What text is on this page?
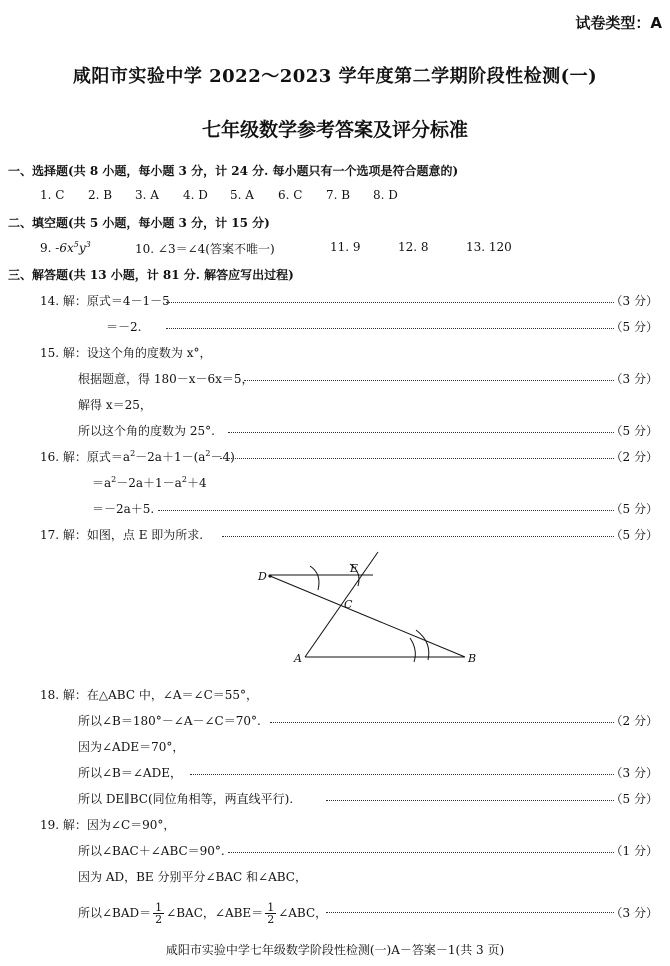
试卷类型：A
咸阳市实验中学 2022～2023 学年度第二学期阶段性检测(一)
七年级数学参考答案及评分标准
一、选择题(共 8 小题，每小题 3 分，计 24 分. 每小题只有一个选项是符合题意的)
1. C 2. B 3. A 4. D 5. A 6. C 7. B 8. D
二、填空题(共 5 小题，每小题 3 分，计 15 分)
9. $-6x^5y^3$	10. ∠3＝∠4(答案不唯一)	11. 9	12. 8	13. 120
三、解答题(共 13 小题，计 81 分. 解答应写出过程)
14. 解：原式＝4－1－5	（3 分）
＝－2.	（5 分）
15. 解：设这个角的度数为 x°，
根据题意，得 180－x－6x＝5，	（3 分）
解得 x＝25，
所以这个角的度数为 25°.	（5 分）
16. 解：原式$=a^2-2a+1-(a^2-4)$	（2 分）
$=a^2-2a+1-a^2+4$
＝－2a＋5.	（5 分）
17. 解：如图，点 E 即为所求.	（5 分）
D
E
C
A	B
18. 解：在△ABC 中，∠A＝∠C＝55°，
所以∠B＝180°－∠A－∠C＝70°.	（2 分）
因为∠ADE＝70°，
所以∠B＝∠ADE，	（3 分）
所以 DE∥BC(同位角相等，两直线平行).	（5 分）
19. 解：因为∠C＝90°，
所以∠BAC＋∠ABC＝90°.	（1 分）
因为 AD，BE 分别平分∠BAC 和∠ABC，
所以∠BAD＝ $\frac{1}{2}$ ∠BAC，∠ABE＝ $\frac{1}{2}$ ∠ABC，	（3 分）
咸阳市实验中学七年级数学阶段性检测(一)A－答案－1(共 3 页)
